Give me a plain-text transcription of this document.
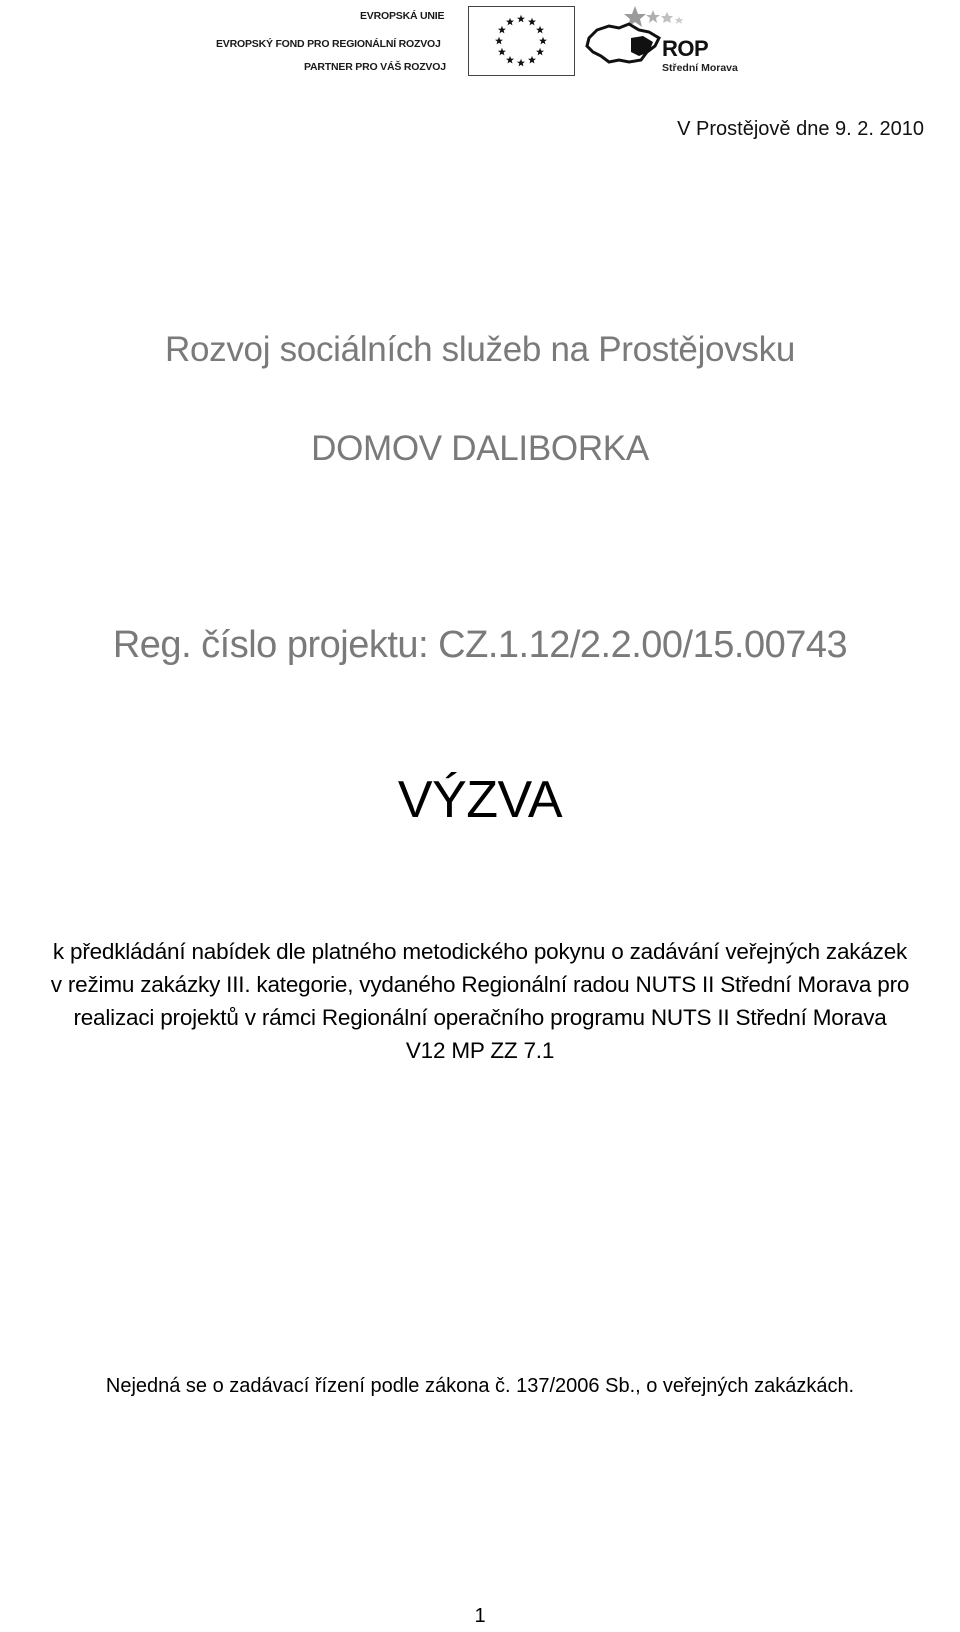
EVROPSKÁ UNIE
EVROPSKÝ FOND PRO REGIONÁLNÍ ROZVOJ
PARTNER PRO VÁŠ ROZVOJ
ROP
Střední Morava
V Prostějově dne 9. 2. 2010
Rozvoj sociálních služeb na Prostějovsku
DOMOV DALIBORKA
Reg. číslo projektu: CZ.1.12/2.2.00/15.00743
VÝZVA
k předkládání nabídek dle platného metodického pokynu o zadávání veřejných zakázek
v režimu zakázky III. kategorie, vydaného Regionální radou NUTS II Střední Morava pro
realizaci projektů v rámci Regionální operačního programu NUTS II Střední Morava
V12 MP ZZ 7.1
Nejedná se o zadávací řízení podle zákona č. 137/2006 Sb., o veřejných zakázkách.
1
